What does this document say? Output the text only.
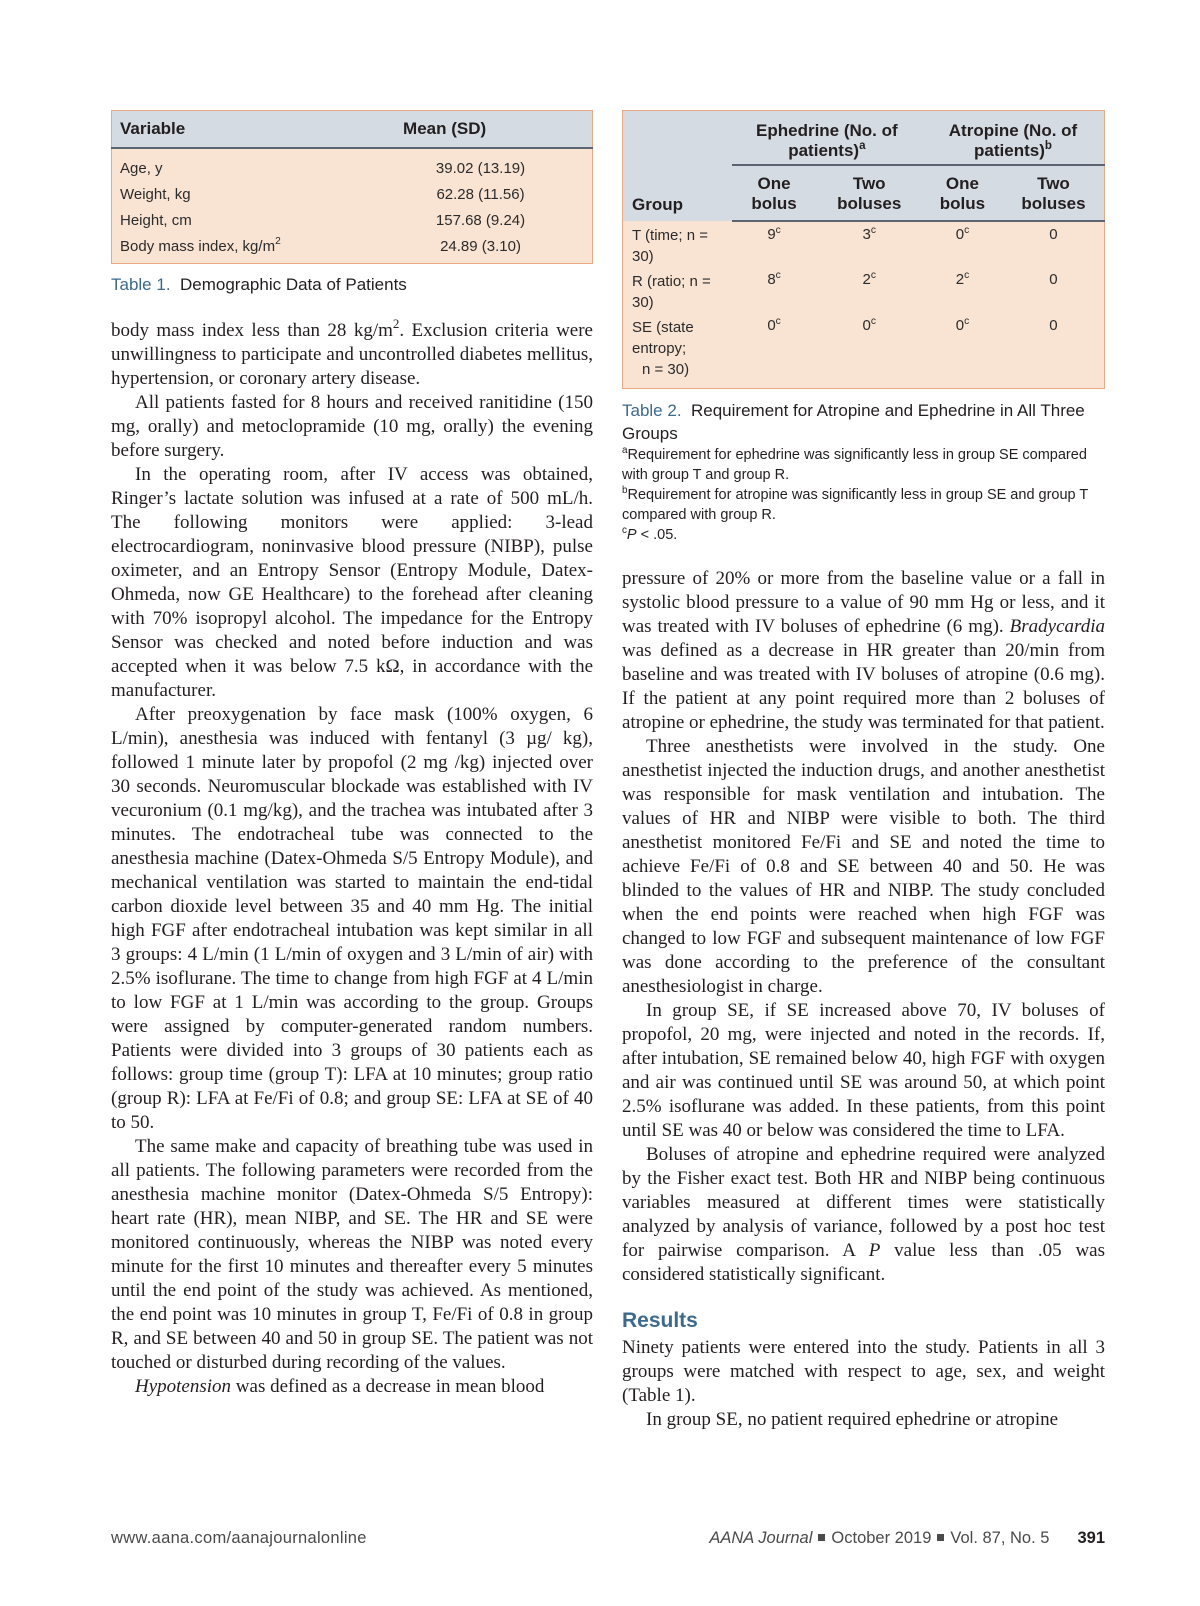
Variable	Mean (SD)
Age, y	39.02 (13.19)
Weight, kg	62.28 (11.56)
Height, cm	157.68 (9.24)
Body mass index, $kg/m^2$	24.89 (3.10)
Table 1. Demographic Data of Patients

body mass index less than 28 $kg/m^2$. Exclusion criteria were unwillingness to participate and uncontrolled diabetes mellitus, hypertension, or coronary artery disease.

All patients fasted for 8 hours and received ranitidine (150 mg, orally) and metoclopramide (10 mg, orally) the evening before surgery.

In the operating room, after IV access was obtained, Ringer’s lactate solution was infused at a rate of 500 mL/h. The following monitors were applied: 3-lead electrocardiogram, noninvasive blood pressure (NIBP), pulse oximeter, and an Entropy Sensor (Entropy Module, Datex-Ohmeda, now GE Healthcare) to the forehead after cleaning with 70% isopropyl alcohol. The impedance for the Entropy Sensor was checked and noted before induction and was accepted when it was below 7.5 kΩ, in accordance with the manufacturer.

After preoxygenation by face mask (100% oxygen, 6 L/min), anesthesia was induced with fentanyl (3 µg/ kg), followed 1 minute later by propofol (2 mg /kg) injected over 30 seconds. Neuromuscular blockade was established with IV vecuronium (0.1 mg/kg), and the trachea was intubated after 3 minutes. The endotracheal tube was connected to the anesthesia machine (Datex-Ohmeda S/5 Entropy Module), and mechanical ventilation was started to maintain the end-tidal carbon dioxide level between 35 and 40 mm Hg. The initial high FGF after endotracheal intubation was kept similar in all 3 groups: 4 L/min (1 L/min of oxygen and 3 L/min of air) with 2.5% isoflurane. The time to change from high FGF at 4 L/min to low FGF at 1 L/min was according to the group. Groups were assigned by computer-generated random numbers. Patients were divided into 3 groups of 30 patients each as follows: group time (group T): LFA at 10 minutes; group ratio (group R): LFA at Fe/Fi of 0.8; and group SE: LFA at SE of 40 to 50.

The same make and capacity of breathing tube was used in all patients. The following parameters were recorded from the anesthesia machine monitor (Datex-Ohmeda S/5 Entropy): heart rate (HR), mean NIBP, and SE. The HR and SE were monitored continuously, whereas the NIBP was noted every minute for the first 10 minutes and thereafter every 5 minutes until the end point of the study was achieved. As mentioned, the end point was 10 minutes in group T, Fe/Fi of 0.8 in group R, and SE between 40 and 50 in group SE. The patient was not touched or disturbed during recording of the values.

Hypotension was defined as a decrease in mean blood

Group	Ephedrine (No. of patients)$^a$		Atropine (No. of patients)$^b$
	One bolus	Two boluses	One bolus	Two boluses
T (time; n = 30)	9$^c$	3$^c$	0$^c$	0
R (ratio; n = 30)	8$^c$	2$^c$	2$^c$	0
SE (state entropy;
n = 30)	0$^c$	0$^c$	0$^c$	0
Table 2. Requirement for Atropine and Ephedrine in All Three Groups

$^a$Requirement for ephedrine was significantly less in group SE compared with group T and group R.

$^b$Requirement for atropine was significantly less in group SE and group T compared with group R.

$^c$P < .05.

pressure of 20% or more from the baseline value or a fall in systolic blood pressure to a value of 90 mm Hg or less, and it was treated with IV boluses of ephedrine (6 mg). Bradycardia was defined as a decrease in HR greater than 20/min from baseline and was treated with IV boluses of atropine (0.6 mg). If the patient at any point required more than 2 boluses of atropine or ephedrine, the study was terminated for that patient.

Three anesthetists were involved in the study. One anesthetist injected the induction drugs, and another anesthetist was responsible for mask ventilation and intubation. The values of HR and NIBP were visible to both. The third anesthetist monitored Fe/Fi and SE and noted the time to achieve Fe/Fi of 0.8 and SE between 40 and 50. He was blinded to the values of HR and NIBP. The study concluded when the end points were reached when high FGF was changed to low FGF and subsequent maintenance of low FGF was done according to the preference of the consultant anesthesiologist in charge.

In group SE, if SE increased above 70, IV boluses of propofol, 20 mg, were injected and noted in the records. If, after intubation, SE remained below 40, high FGF with oxygen and air was continued until SE was around 50, at which point 2.5% isoflurane was added. In these patients, from this point until SE was 40 or below was considered the time to LFA.

Boluses of atropine and ephedrine required were analyzed by the Fisher exact test. Both HR and NIBP being continuous variables measured at different times were statistically analyzed by analysis of variance, followed by a post hoc test for pairwise comparison. A P value less than .05 was considered statistically significant.

Results

Ninety patients were entered into the study. Patients in all 3 groups were matched with respect to age, sex, and weight (Table 1).

In group SE, no patient required ephedrine or atropine

www.aana.com/aanajournalonline	AANA Journal October 2019 Vol. 87, No. 5 391
